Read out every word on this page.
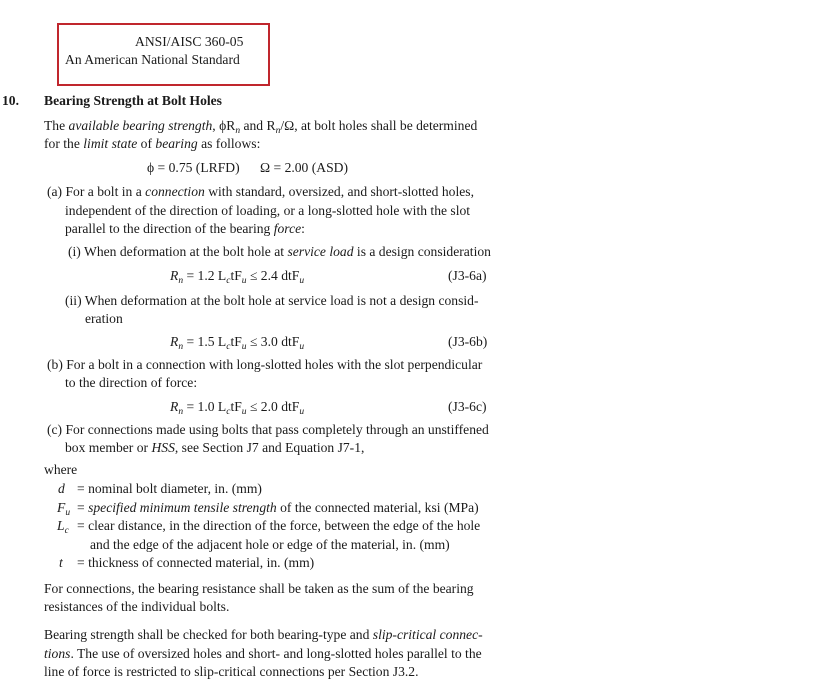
ANSI/AISC 360-05
An American National Standard
10. Bearing Strength at Bolt Holes
The available bearing strength, $\phi R_n$ and $R_n/\Omega$, at bolt holes shall be determined
for the limit state of bearing as follows:
ϕ = 0.75 (LRFD)      Ω = 2.00 (ASD)
(a) For a bolt in a connection with standard, oversized, and short-slotted holes,
independent of the direction of loading, or a long-slotted hole with the slot
parallel to the direction of the bearing force:
(i) When deformation at the bolt hole at service load is a design consideration
$R_n = 1.2$ $L_ctF_u \le 2.4$ dtF$_u$	(J3-6a)
(ii) When deformation at the bolt hole at service load is not a design consid-
eration
$R_n = 1.5$ $L_ctF_u \le 3.0$ dtF$_u$	(J3-6b)
(b) For a bolt in a connection with long-slotted holes with the slot perpendicular
to the direction of force:
$R_n = 1.0$ $L_ctF_u \le 2.0$ dtF$_u$	(J3-6c)
(c) For connections made using bolts that pass completely through an unstiffened
box member or HSS, see Section J7 and Equation J7-1,
where
d = nominal bolt diameter, in. (mm)
$F_u$ = specified minimum tensile strength of the connected material, ksi (MPa)
$L_c$ = clear distance, in the direction of the force, between the edge of the hole
and the edge of the adjacent hole or edge of the material, in. (mm)
t = thickness of connected material, in. (mm)
For connections, the bearing resistance shall be taken as the sum of the bearing
resistances of the individual bolts.
Bearing strength shall be checked for both bearing-type and slip-critical connec-
tions. The use of oversized holes and short- and long-slotted holes parallel to the
line of force is restricted to slip-critical connections per Section J3.2.
